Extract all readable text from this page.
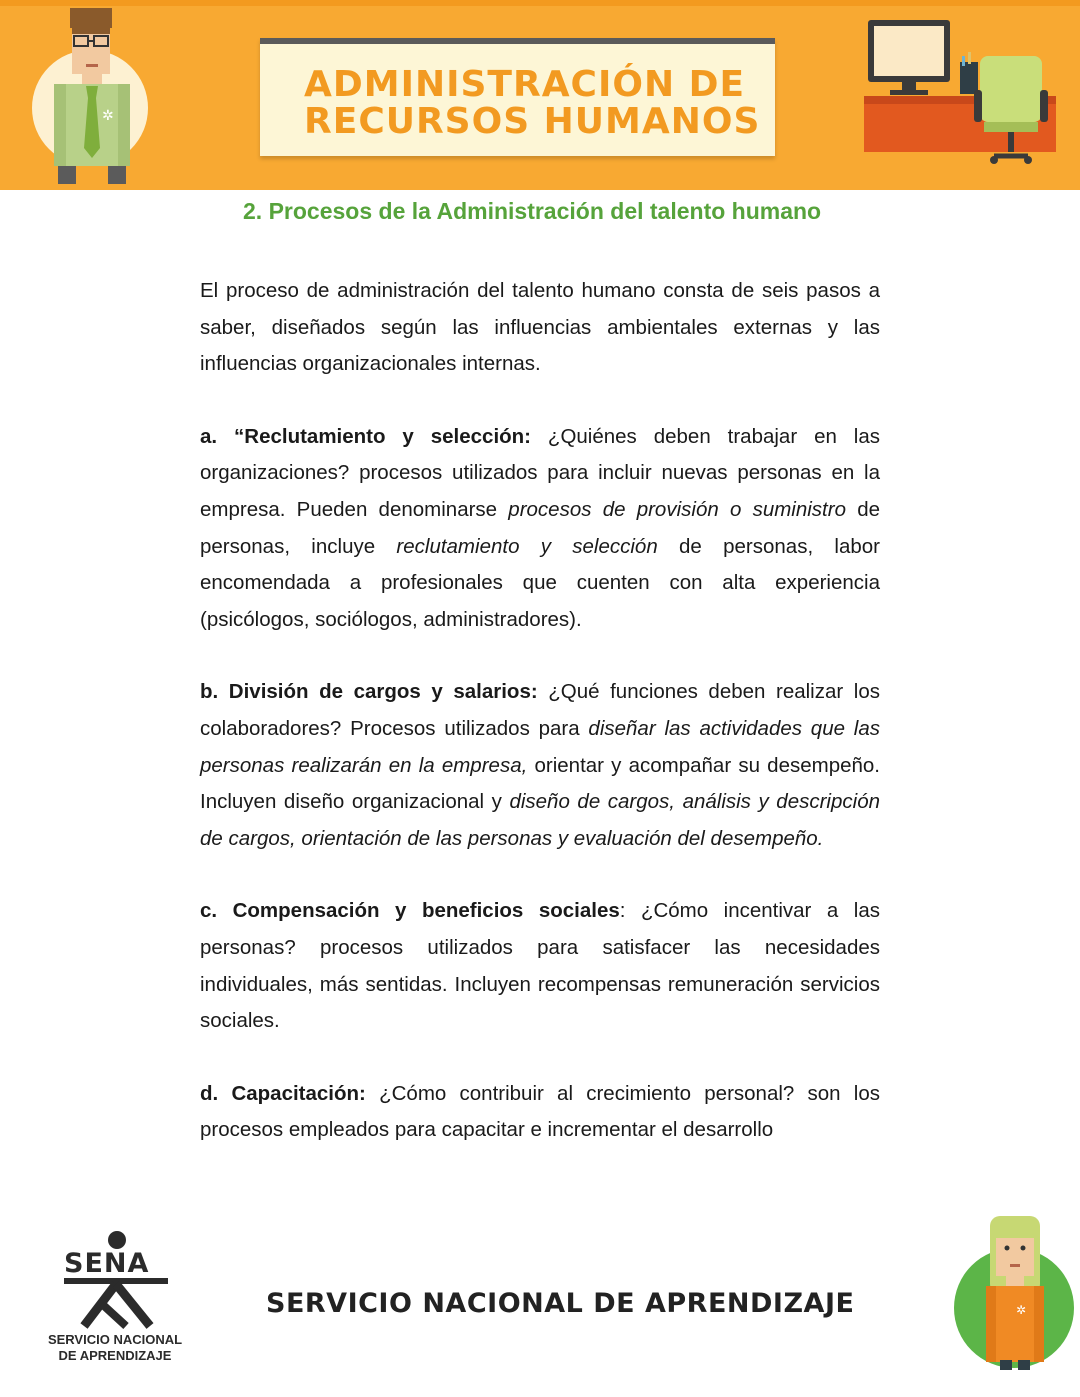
✲
ADMINISTRACIÓN DE
RECURSOS HUMANOS
2. Procesos de la Administración del talento humano

El proceso de administración del talento humano consta de seis pasos a saber, diseñados según las influencias ambientales externas y las influencias organizacionales internas.

a. “Reclutamiento y selección: ¿Quiénes deben trabajar en las organizaciones? procesos utilizados para incluir nuevas personas en la empresa. Pueden denominarse procesos de provisión o suministro de personas, incluye reclutamiento y selección de personas, labor encomendada a profesionales que cuenten con alta experiencia (psicólogos, sociólogos, administradores).

b. División de cargos y salarios: ¿Qué funciones deben realizar los colaboradores? Procesos utilizados para diseñar las actividades que las personas realizarán en la empresa, orientar y acompañar su desempeño. Incluyen diseño organizacional y diseño de cargos, análisis y descripción de cargos, orientación de las personas y evaluación del desempeño.

c. Compensación y beneficios sociales: ¿Cómo incentivar a las personas? procesos utilizados para satisfacer las necesidades individuales, más sentidas. Incluyen recompensas remuneración servicios sociales.

d. Capacitación: ¿Cómo contribuir al crecimiento personal? son los procesos empleados para capacitar e incrementar el desarrollo

SENA
SERVICIO NACIONAL
DE APRENDIZAJE
SERVICIO NACIONAL DE APRENDIZAJE	✲
